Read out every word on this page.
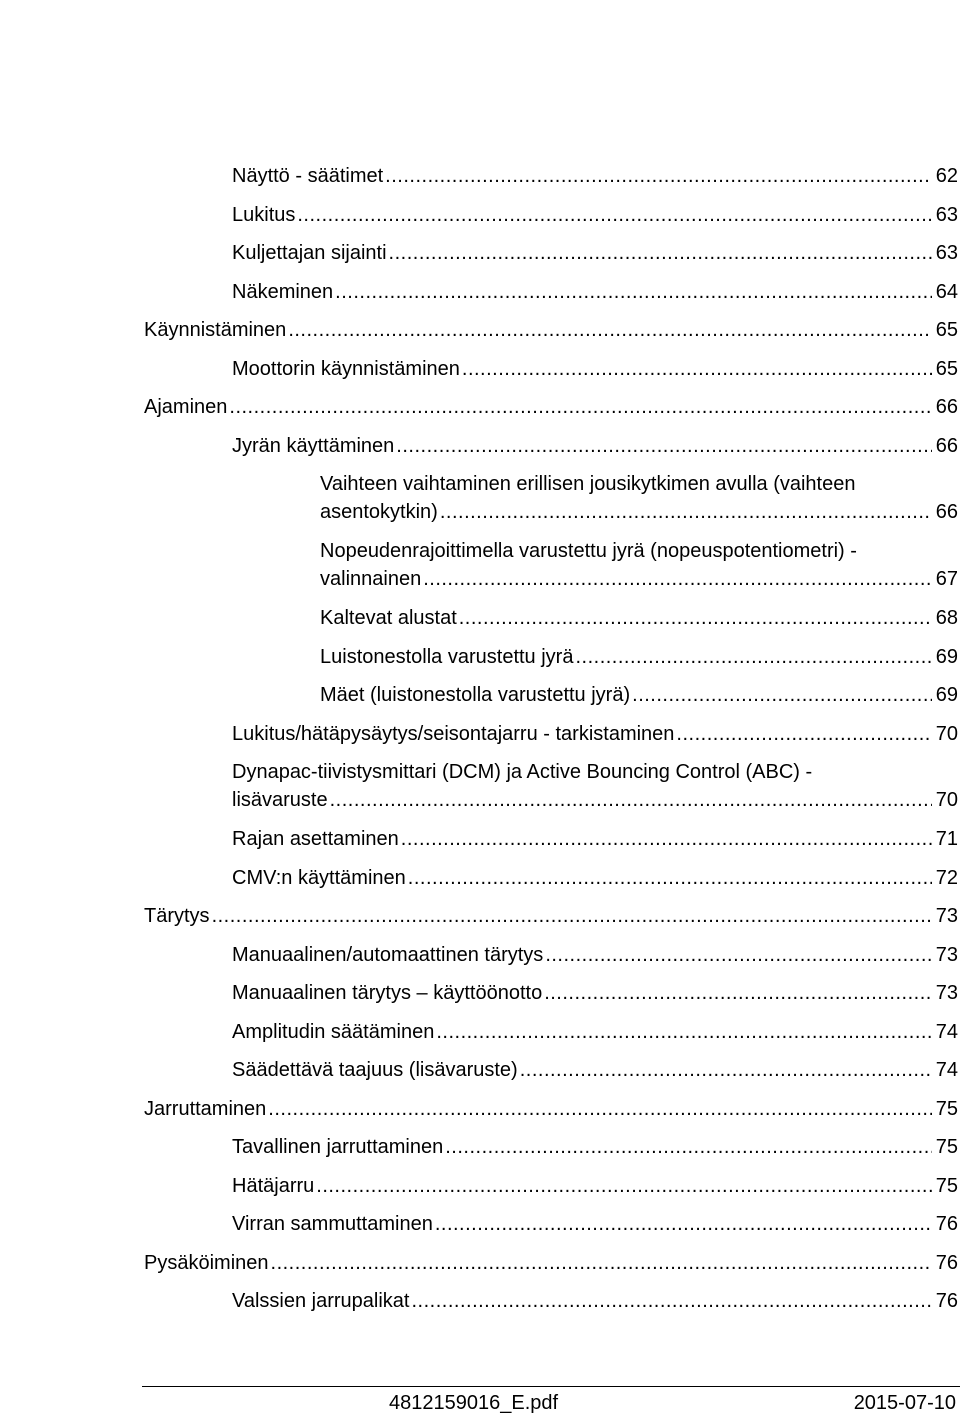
Näyttö - säätimet .....	62
Lukitus .....	63
Kuljettajan sijainti .....	63
Näkeminen .....	64
Käynnistäminen .....	65
Moottorin käynnistäminen .....	65
Ajaminen .....	66
Jyrän käyttäminen .....	66
Vaihteen vaihtaminen erillisen jousikytkimen avulla (vaihteen
asentokytkin) .....	66
Nopeudenrajoittimella varustettu jyrä (nopeuspotentiometri) -
valinnainen .....	67
Kaltevat alustat .....	68
Luistonestolla varustettu jyrä .....	69
Mäet (luistonestolla varustettu jyrä) .....	69
Lukitus/hätäpysäytys/seisontajarru - tarkistaminen .....	70
Dynapac-tiivistysmittari (DCM) ja Active Bouncing Control (ABC) -
lisävaruste .....	70
Rajan asettaminen .....	71
CMV:n käyttäminen .....	72
Tärytys .....	73
Manuaalinen/automaattinen tärytys .....	73
Manuaalinen tärytys – käyttöönotto .....	73
Amplitudin säätäminen .....	74
Säädettävä taajuus (lisävaruste) .....	74
Jarruttaminen .....	75
Tavallinen jarruttaminen .....	75
Hätäjarru .....	75
Virran sammuttaminen .....	76
Pysäköiminen .....	76
Valssien jarrupalikat .....	76
4812159016_E.pdf	2015-07-10
